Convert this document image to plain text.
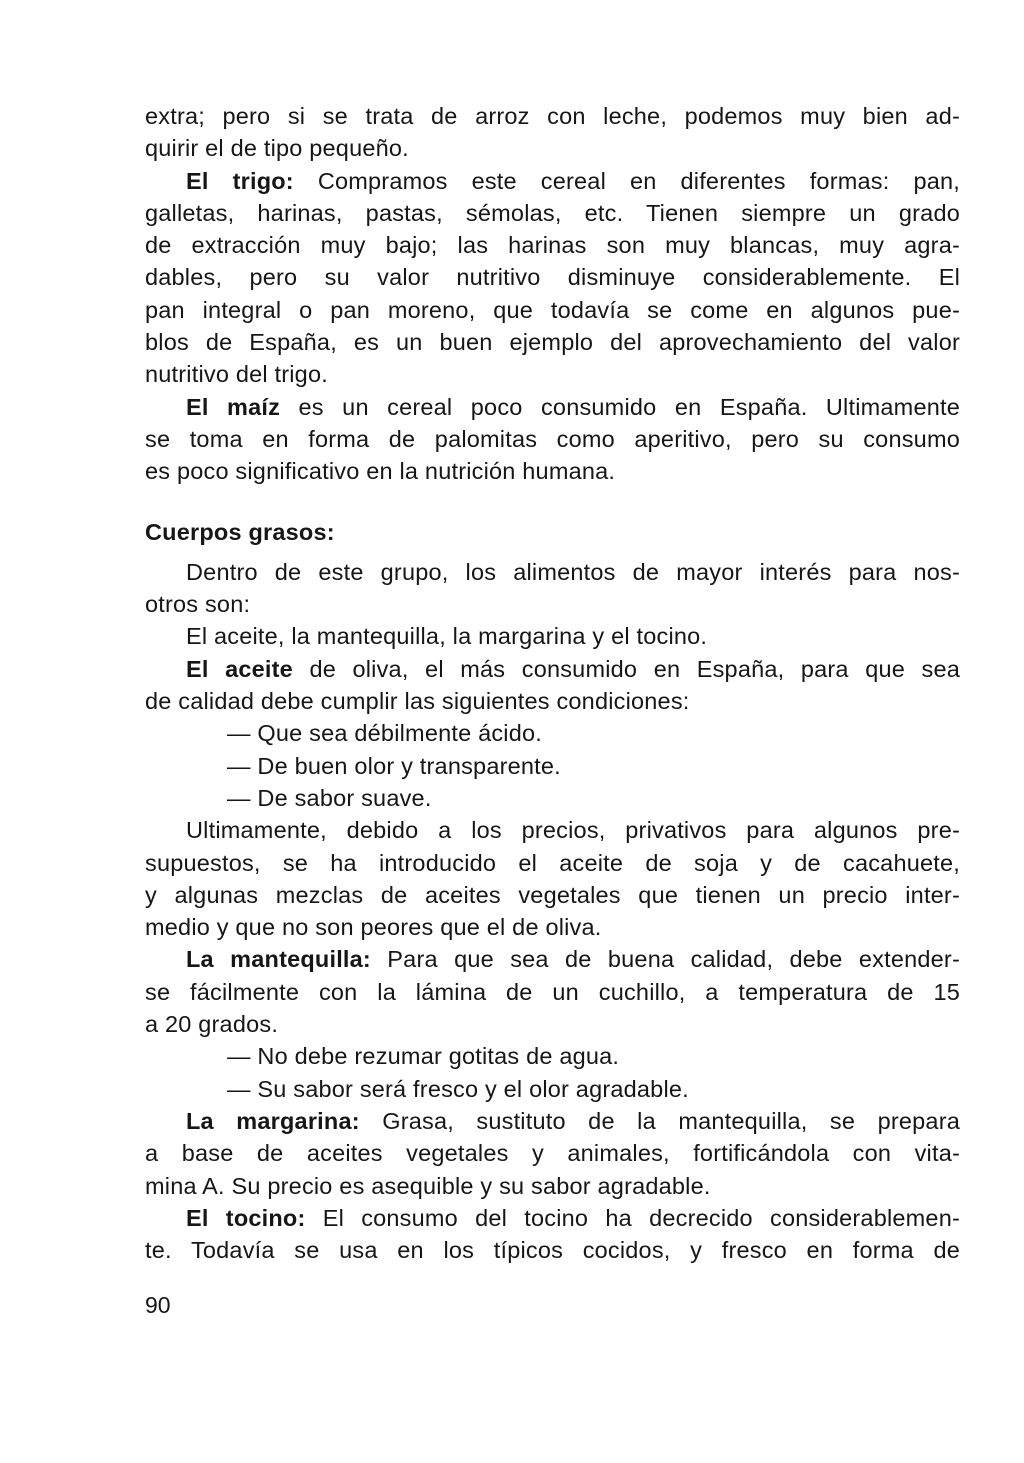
extra; pero si se trata de arroz con leche, podemos muy bien ad-
quirir el de tipo pequeño.
El trigo: Compramos este cereal en diferentes formas: pan,
galletas, harinas, pastas, sémolas, etc. Tienen siempre un grado
de extracción muy bajo; las harinas son muy blancas, muy agra-
dables, pero su valor nutritivo disminuye considerablemente. El
pan integral o pan moreno, que todavía se come en algunos pue-
blos de España, es un buen ejemplo del aprovechamiento del valor
nutritivo del trigo.
El maíz es un cereal poco consumido en España. Ultimamente
se toma en forma de palomitas como aperitivo, pero su consumo
es poco significativo en la nutrición humana.
Cuerpos grasos:
Dentro de este grupo, los alimentos de mayor interés para nos-
otros son:
El aceite, la mantequilla, la margarina y el tocino.
El aceite de oliva, el más consumido en España, para que sea
de calidad debe cumplir las siguientes condiciones:
— Que sea débilmente ácido.
— De buen olor y transparente.
— De sabor suave.
Ultimamente, debido a los precios, privativos para algunos pre-
supuestos, se ha introducido el aceite de soja y de cacahuete,
y algunas mezclas de aceites vegetales que tienen un precio inter-
medio y que no son peores que el de oliva.
La mantequilla: Para que sea de buena calidad, debe extender-
se fácilmente con la lámina de un cuchillo, a temperatura de 15
a 20 grados.
— No debe rezumar gotitas de agua.
— Su sabor será fresco y el olor agradable.
La margarina: Grasa, sustituto de la mantequilla, se prepara
a base de aceites vegetales y animales, fortificándola con vita-
mina A. Su precio es asequible y su sabor agradable.
El tocino: El consumo del tocino ha decrecido considerablemen-
te. Todavía se usa en los típicos cocidos, y fresco en forma de
90
